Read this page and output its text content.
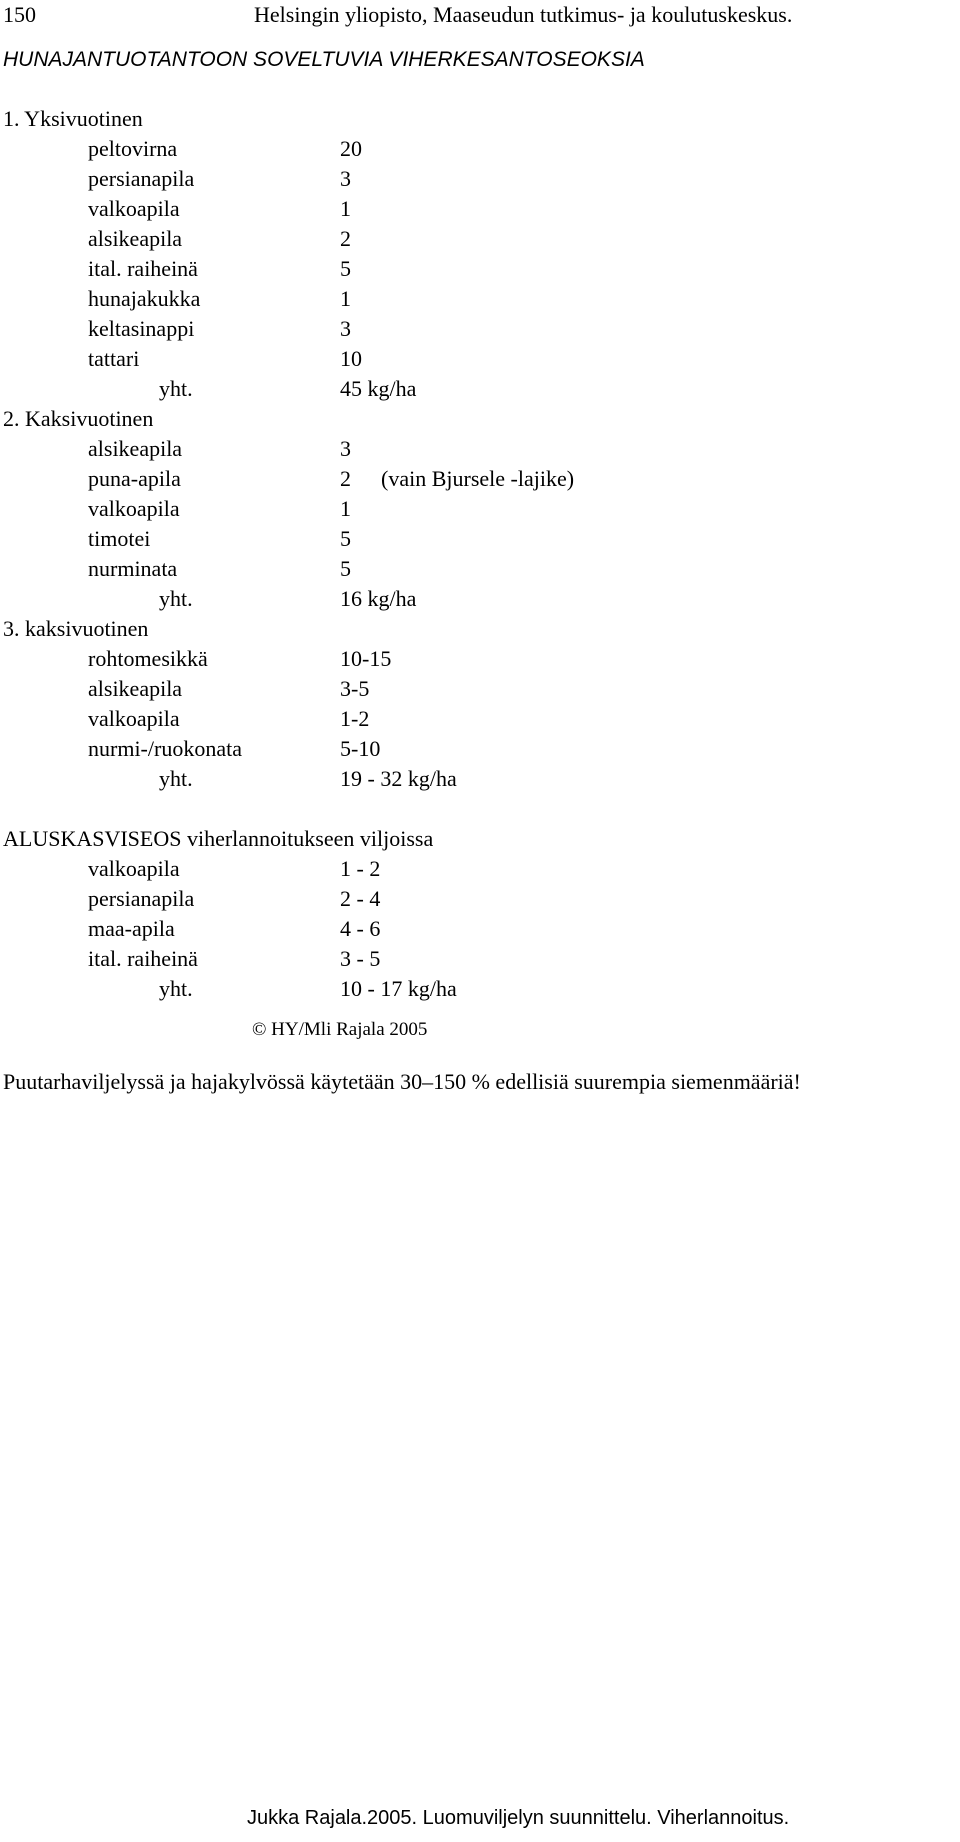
150	Helsingin yliopisto, Maaseudun tutkimus- ja koulutuskeskus.
HUNAJANTUOTANTOON SOVELTUVIA VIHERKESANTOSEOKSIA
1. Yksivuotinen
peltovirna	20
persianapila	3
valkoapila	1
alsikeapila	2
ital. raiheinä	5
hunajakukka	1
keltasinappi	3
tattari	10
yht.	45 kg/ha
2. Kaksivuotinen
alsikeapila	3
puna-apila	2 (vain Bjursele -lajike)
valkoapila	1
timotei	5
nurminata	5
yht.	16 kg/ha
3. kaksivuotinen
rohtomesikkä	10-15
alsikeapila	3-5
valkoapila	1-2
nurmi-/ruokonata	5-10
yht.	19 - 32 kg/ha
ALUSKASVISEOS viherlannoitukseen viljoissa
valkoapila	1 - 2
persianapila	2 - 4
maa-apila	4 - 6
ital. raiheinä	3 - 5
yht.	10 - 17 kg/ha
© HY/Mli Rajala 2005
Puutarhaviljelyssä ja hajakylvössä käytetään 30–150 % edellisiä suurempia siemenmääriä!
Jukka Rajala.2005. Luomuviljelyn suunnittelu. Viherlannoitus.
